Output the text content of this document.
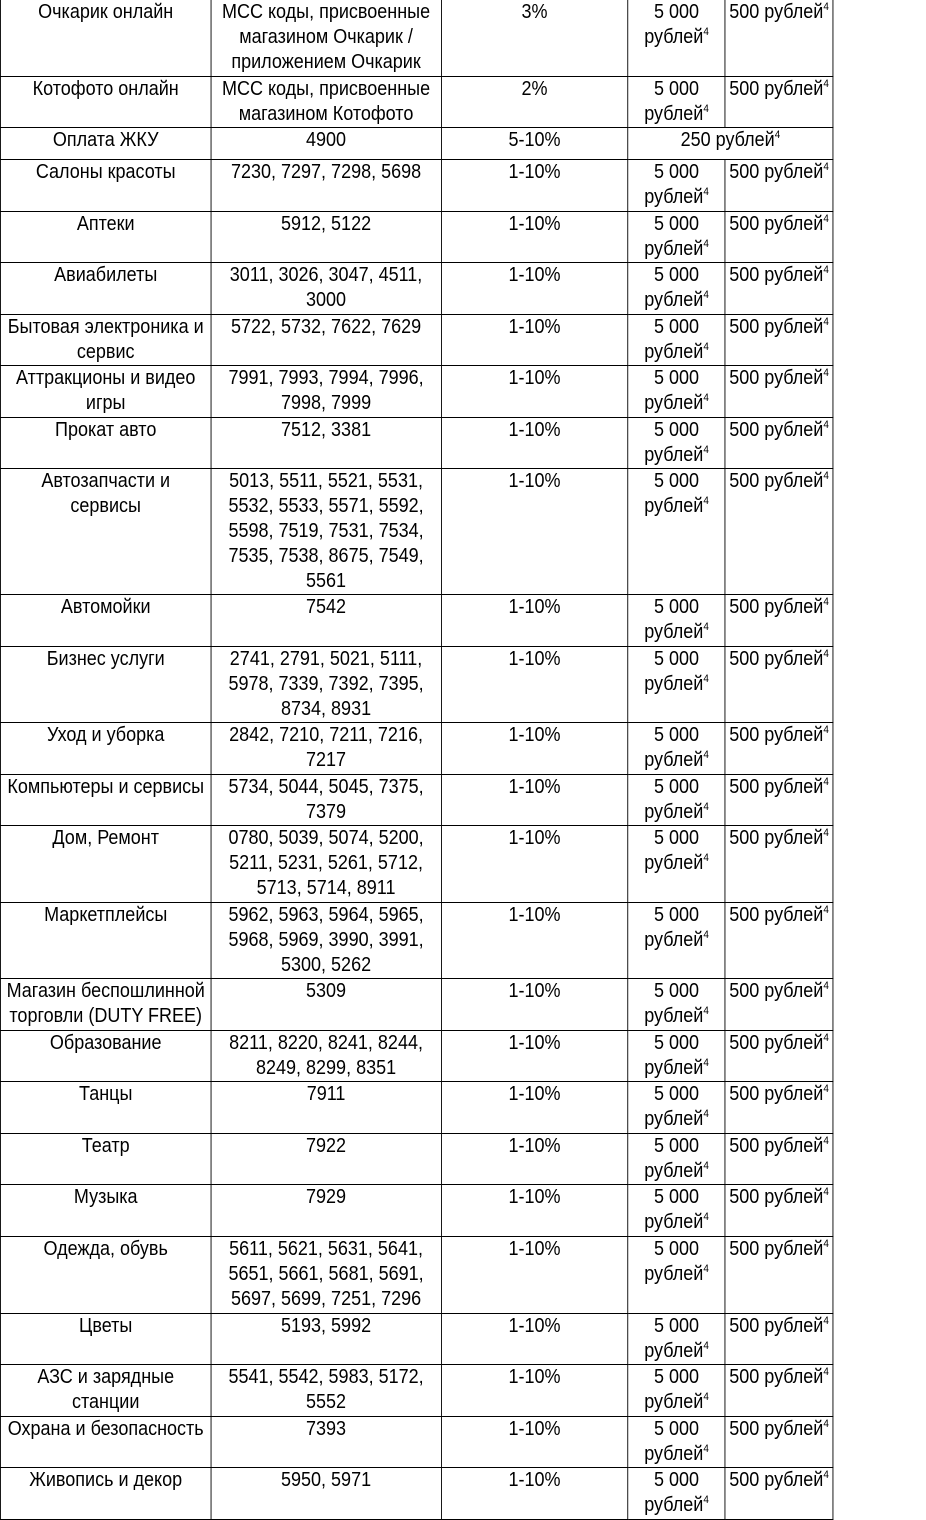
Очкарик онлайн	МСС коды, присвоенные магазином Очкарик / приложением Очкарик	3%	5 000 рублей$^4$	500 рублей$^4$
Котофото онлайн	МСС коды, присвоенные магазином Котофото	2%	5 000 рублей$^4$	500 рублей$^4$
Оплата ЖКУ	4900	5-10%	250 рублей$^4$
Салоны красоты	7230, 7297, 7298, 5698	1-10%	5 000 рублей$^4$	500 рублей$^4$
Аптеки	5912, 5122	1-10%	5 000 рублей$^4$	500 рублей$^4$
Авиабилеты	3011, 3026, 3047, 4511, 3000	1-10%	5 000 рублей$^4$	500 рублей$^4$
Бытовая электроника и сервис	5722, 5732, 7622, 7629	1-10%	5 000 рублей$^4$	500 рублей$^4$
Аттракционы и видео игры	7991, 7993, 7994, 7996, 7998, 7999	1-10%	5 000 рублей$^4$	500 рублей$^4$
Прокат авто	7512, 3381	1-10%	5 000 рублей$^4$	500 рублей$^4$
Автозапчасти и сервисы	5013, 5511, 5521, 5531, 5532, 5533, 5571, 5592, 5598, 7519, 7531, 7534, 7535, 7538, 8675, 7549, 5561	1-10%	5 000 рублей$^4$	500 рублей$^4$
Автомойки	7542	1-10%	5 000 рублей$^4$	500 рублей$^4$
Бизнес услуги	2741, 2791, 5021, 5111, 5978, 7339, 7392, 7395, 8734, 8931	1-10%	5 000 рублей$^4$	500 рублей$^4$
Уход и уборка	2842, 7210, 7211, 7216, 7217	1-10%	5 000 рублей$^4$	500 рублей$^4$
Компьютеры и сервисы	5734, 5044, 5045, 7375, 7379	1-10%	5 000 рублей$^4$	500 рублей$^4$
Дом, Ремонт	0780, 5039, 5074, 5200, 5211, 5231, 5261, 5712, 5713, 5714, 8911	1-10%	5 000 рублей$^4$	500 рублей$^4$
Маркетплейсы	5962, 5963, 5964, 5965, 5968, 5969, 3990, 3991, 5300, 5262	1-10%	5 000 рублей$^4$	500 рублей$^4$
Магазин беспошлинной торговли (DUTY FREE)	5309	1-10%	5 000 рублей$^4$	500 рублей$^4$
Образование	8211, 8220, 8241, 8244, 8249, 8299, 8351	1-10%	5 000 рублей$^4$	500 рублей$^4$
Танцы	7911	1-10%	5 000 рублей$^4$	500 рублей$^4$
Театр	7922	1-10%	5 000 рублей$^4$	500 рублей$^4$
Музыка	7929	1-10%	5 000 рублей$^4$	500 рублей$^4$
Одежда, обувь	5611, 5621, 5631, 5641, 5651, 5661, 5681, 5691, 5697, 5699, 7251, 7296	1-10%	5 000 рублей$^4$	500 рублей$^4$
Цветы	5193, 5992	1-10%	5 000 рублей$^4$	500 рублей$^4$
АЗС и зарядные станции	5541, 5542, 5983, 5172, 5552	1-10%	5 000 рублей$^4$	500 рублей$^4$
Охрана и безопасность	7393	1-10%	5 000 рублей$^4$	500 рублей$^4$
Живопись и декор	5950, 5971	1-10%	5 000 рублей$^4$	500 рублей$^4$
